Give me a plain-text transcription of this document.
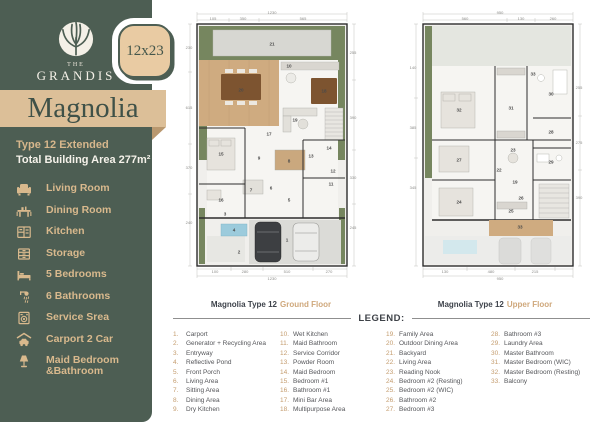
THE
GRANDIS
12x23
Magnolia
Type 12 Extended
Total Building Area 277m²
Living Room
Dining Room
Kitchen
Storage
5 Bedrooms
6 Bathrooms
Service Srea
Carport 2 Car
Maid Bedroom &Bathroom
21
20
10
18
19
17
14
13
15
16
9
8
12
11
7	6
5
3
4
2
1
1230
105	350	565
230
615
370
240
255
390
330
245
100	280	510	270
1230
33
32	31
30
28
29
23
27
22
19
26
24
25
33
950
560	130	260
140
385
345
255
275
390
130	480	215
950
Magnolia Type 12 Ground Floor	Magnolia Type 12 Upper Floor
LEGEND:
1.	Carport
2.	Generator + Recycling Area
3.	Entryway
4.	Reflective Pond
5.	Front Porch
6.	Living Area
7.	Sitting Area
8.	Dining Area
9.	Dry Kitchen
10. Wet Kitchen
11. Maid Bathroom
12. Service Corridor
13. Powder Room
14. Maid Bedroom
15. Bedroom #1
16. Bathroom #1
17. Mini Bar Area
18. Multipurpose Area
19. Family Area
20. Outdoor Dining Area
21. Backyard
22. Living Area
23. Reading Nook
24. Bedroom #2 (Resting)
25. Bedroom #2 (WIC)
26. Bathroom #2
27. Bedroom #3
28. Bathroom #3
29. Laundry Area
30. Master Bathroom
31. Master Bedroom (WIC)
32. Master Bedroom (Resting)
33. Balcony
